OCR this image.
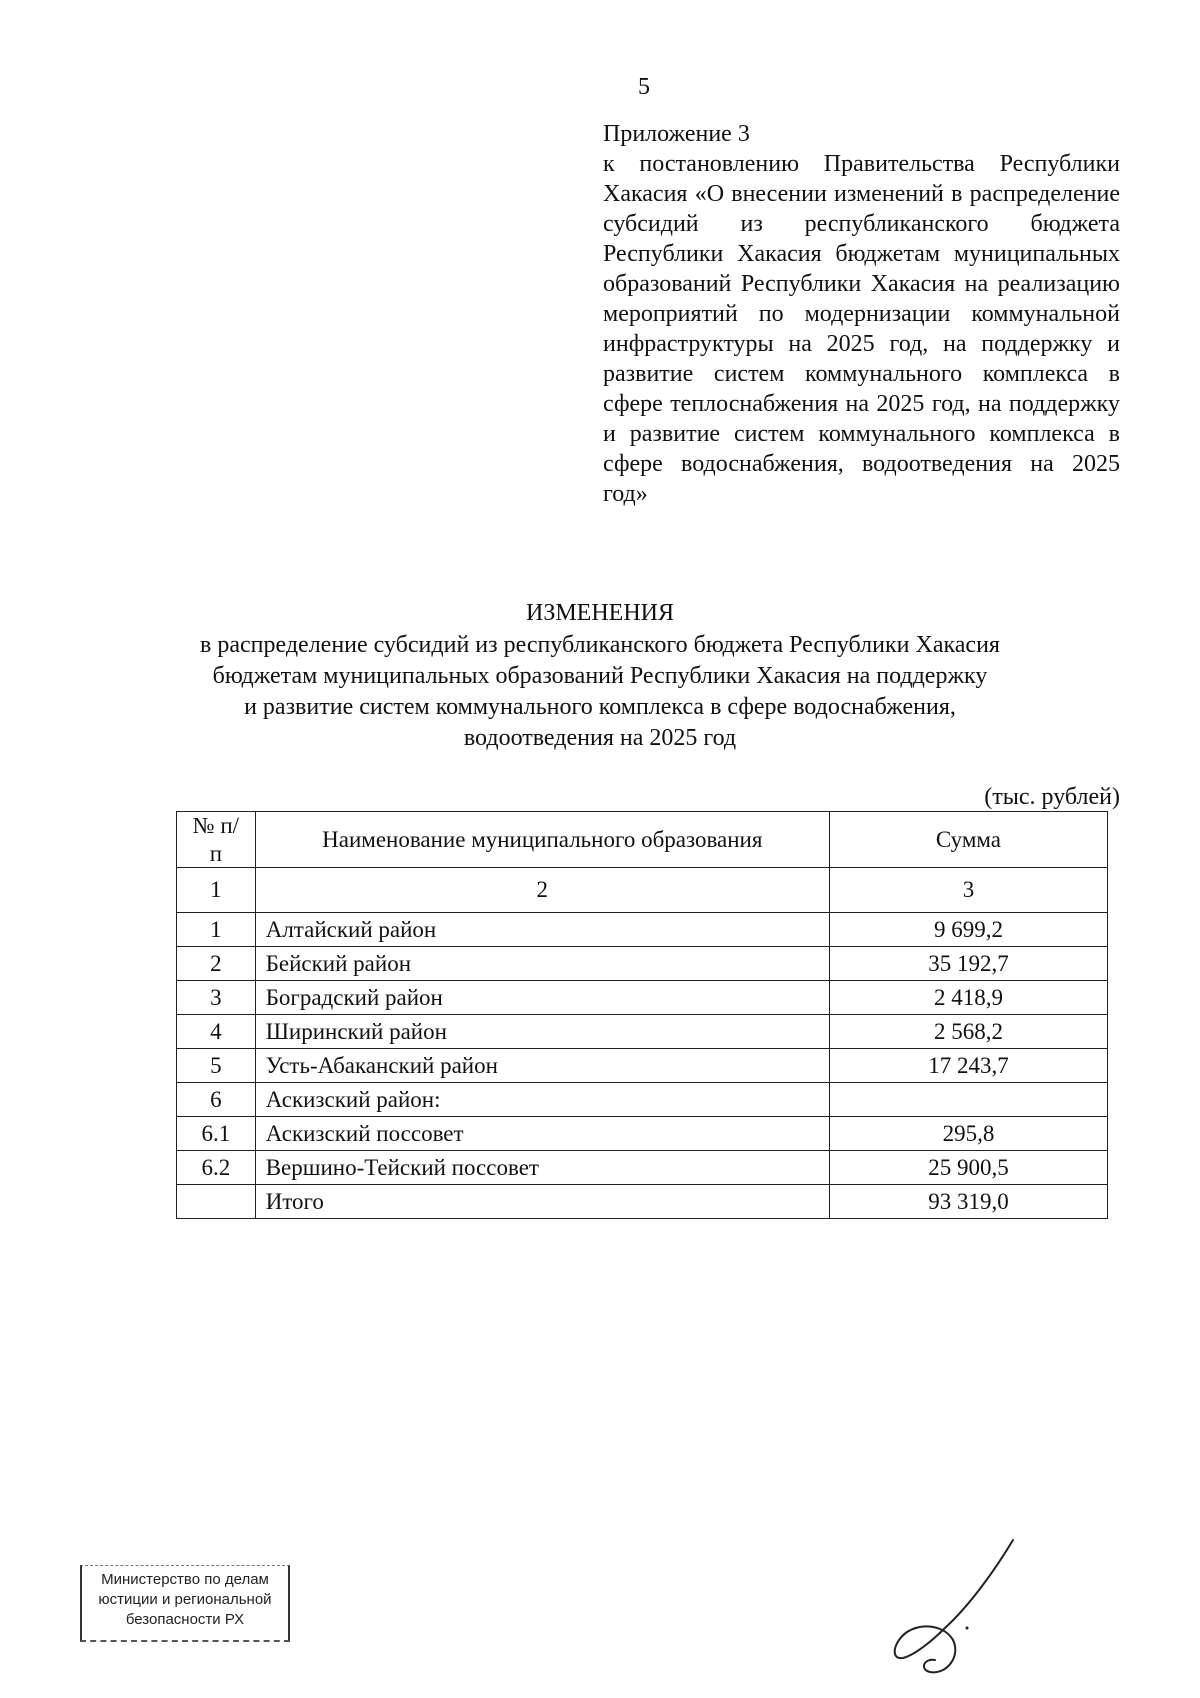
5
Приложение 3
к постановлению Правительства Республики Хакасия «О внесении изменений в распределение субсидий из республиканского бюджета Республики Хакасия бюджетам муниципальных образований Республики Хакасия на реализацию мероприятий по модернизации коммунальной инфраструктуры на 2025 год, на поддержку и развитие систем коммунального комплекса в сфере теплоснабжения на 2025 год, на поддержку и развитие систем коммунального комплекса в сфере водоснабжения, водоотведения на 2025 год»
ИЗМЕНЕНИЯ
в распределение субсидий из республиканского бюджета Республики Хакасия
бюджетам муниципальных образований Республики Хакасия на поддержку
и развитие систем коммунального комплекса в сфере водоснабжения,
водоотведения на 2025 год
(тыс. рублей)
№ п/п	Наименование муниципального образования	Сумма
1	2	3
1	Алтайский район	9 699,2
2	Бейский район	35 192,7
3	Боградский район	2 418,9
4	Ширинский район	2 568,2
5	Усть-Абаканский район	17 243,7
6	Аскизский район:	
6.1	Аскизский поссовет	295,8
6.2	Вершино-Тейский поссовет	25 900,5
	Итого	93 319,0
Министерство по делам
юстиции и региональной
безопасности РХ
